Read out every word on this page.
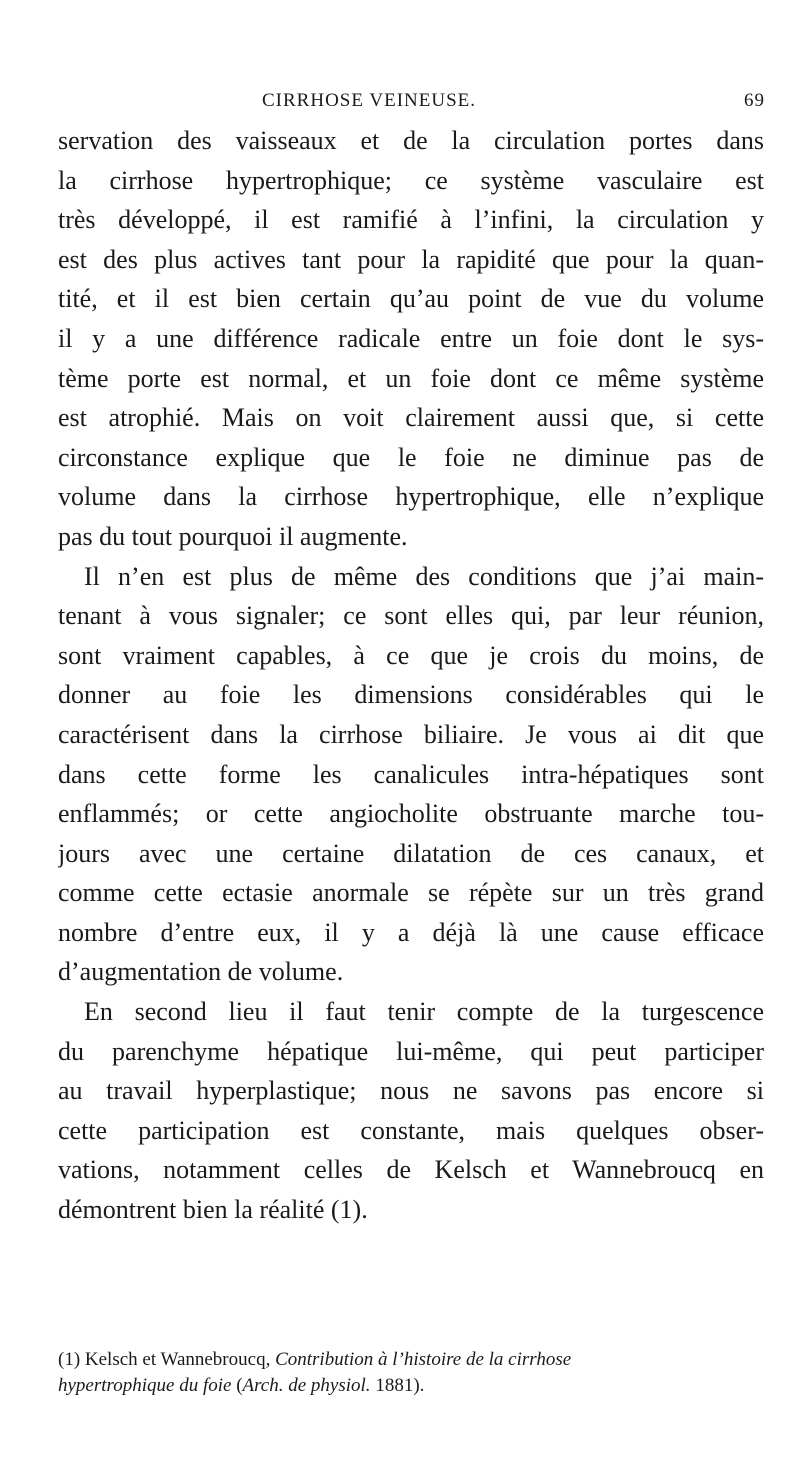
CIRRHOSE VEINEUSE.	69
servation des vaisseaux et de la circulation portes dans
la cirrhose hypertrophique; ce système vasculaire est
très développé, il est ramifié à l’infini, la circulation y
est des plus actives tant pour la rapidité que pour la quan-
tité, et il est bien certain qu’au point de vue du volume
il y a une différence radicale entre un foie dont le sys-
tème porte est normal, et un foie dont ce même système
est atrophié. Mais on voit clairement aussi que, si cette
circonstance explique que le foie ne diminue pas de
volume dans la cirrhose hypertrophique, elle n’explique
pas du tout pourquoi il augmente.
Il n’en est plus de même des conditions que j’ai main-
tenant à vous signaler; ce sont elles qui, par leur réunion,
sont vraiment capables, à ce que je crois du moins, de
donner au foie les dimensions considérables qui le
caractérisent dans la cirrhose biliaire. Je vous ai dit que
dans cette forme les canalicules intra-hépatiques sont
enflammés; or cette angiocholite obstruante marche tou-
jours avec une certaine dilatation de ces canaux, et
comme cette ectasie anormale se répète sur un très grand
nombre d’entre eux, il y a déjà là une cause efficace
d’augmentation de volume.
En second lieu il faut tenir compte de la turgescence
du parenchyme hépatique lui-même, qui peut participer
au travail hyperplastique; nous ne savons pas encore si
cette participation est constante, mais quelques obser-
vations, notamment celles de Kelsch et Wannebroucq en
démontrent bien la réalité (1).
(1) Kelsch et Wannebroucq, Contribution à l’histoire de la cirrhose
hypertrophique du foie (Arch. de physiol. 1881).
